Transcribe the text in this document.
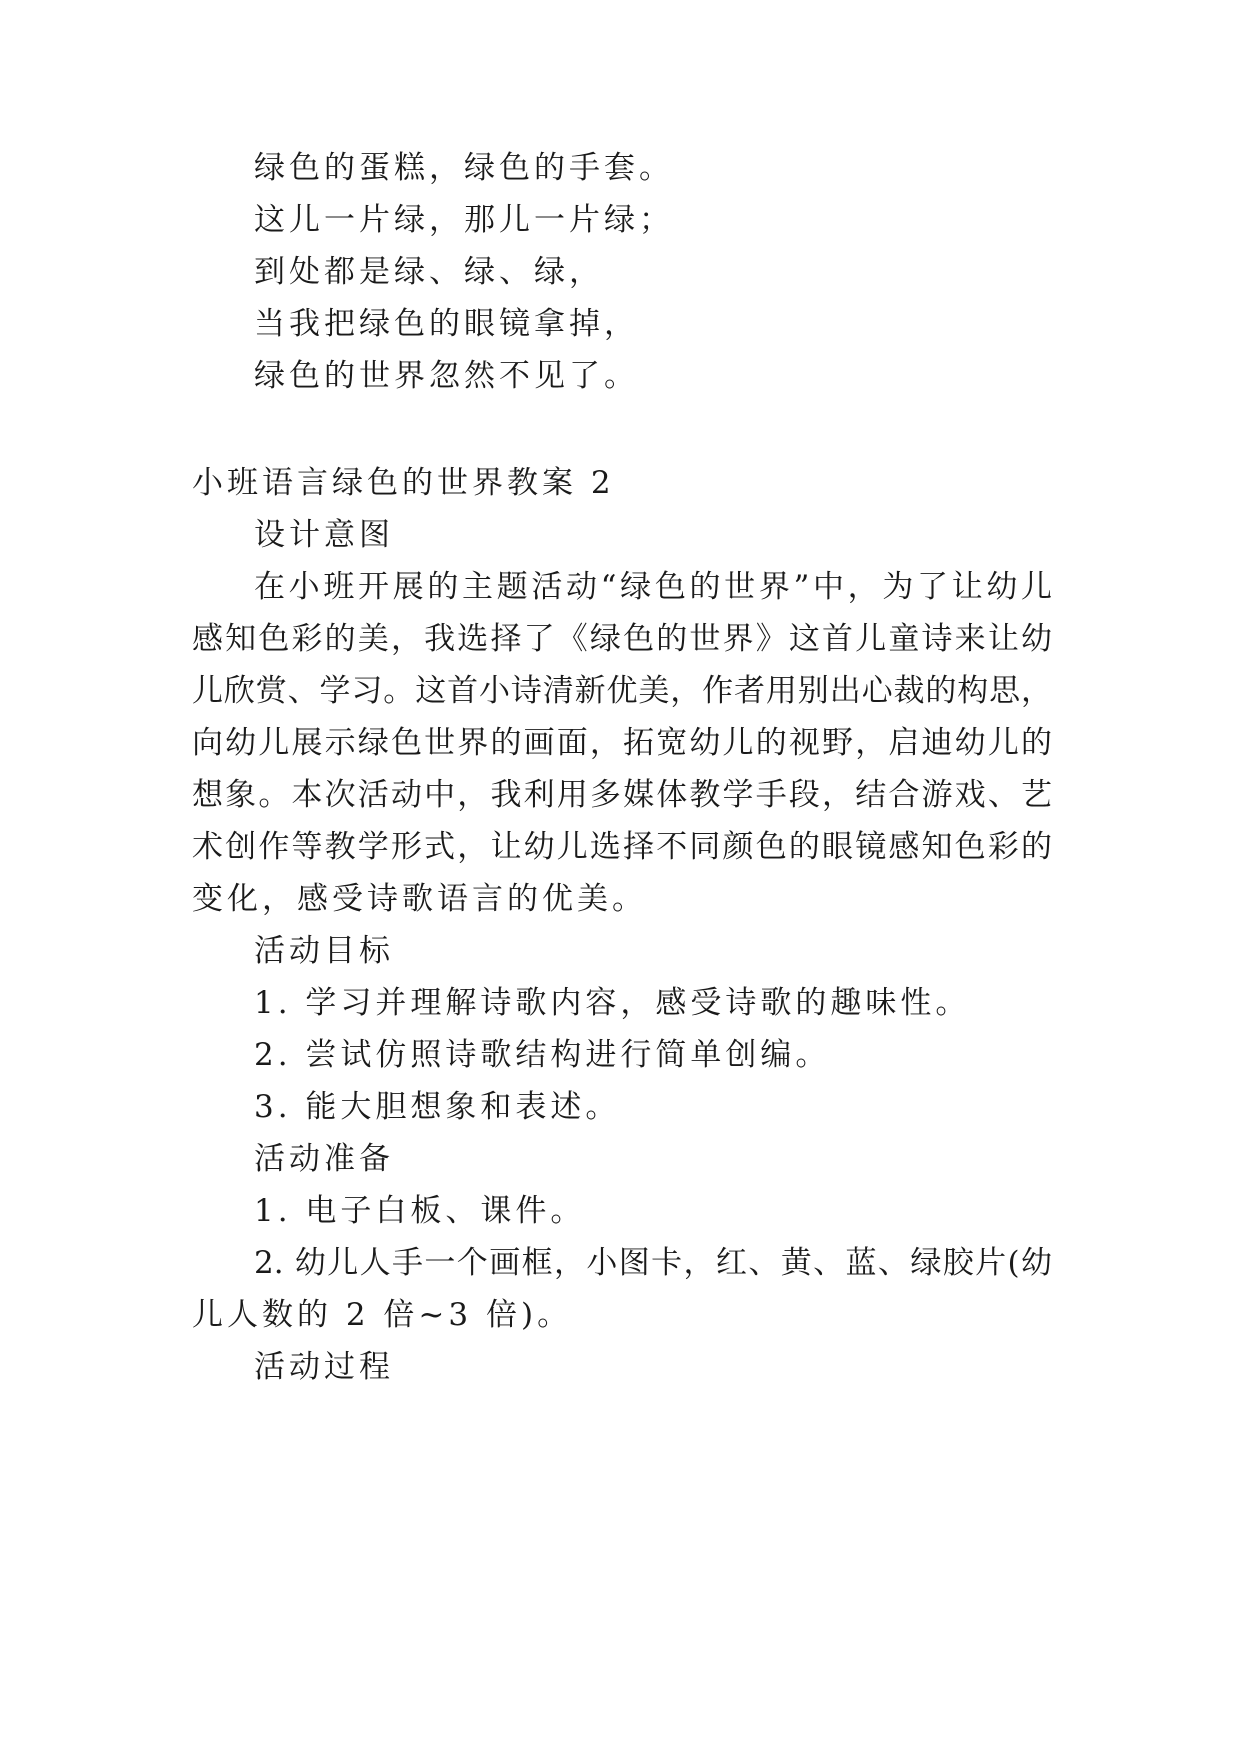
绿色的蛋糕，绿色的手套。
这儿一片绿，那儿一片绿；
到处都是绿、绿、绿，
当我把绿色的眼镜拿掉，
绿色的世界忽然不见了。
小班语言绿色的世界教案 2
设计意图
在小班开展的主题活动“绿色的世界”中，为了让幼儿
感知色彩的美，我选择了《绿色的世界》这首儿童诗来让幼
儿欣赏、学习。这首小诗清新优美，作者用别出心裁的构思，
向幼儿展示绿色世界的画面，拓宽幼儿的视野，启迪幼儿的
想象。本次活动中，我利用多媒体教学手段，结合游戏、艺
术创作等教学形式，让幼儿选择不同颜色的眼镜感知色彩的
变化，感受诗歌语言的优美。
活动目标
1. 学习并理解诗歌内容，感受诗歌的趣味性。
2. 尝试仿照诗歌结构进行简单创编。
3. 能大胆想象和表述。
活动准备
1. 电子白板、课件。
2. 幼儿人手一个画框，小图卡，红、黄、蓝、绿胶片(幼
儿人数的 2 倍~3 倍)。
活动过程
